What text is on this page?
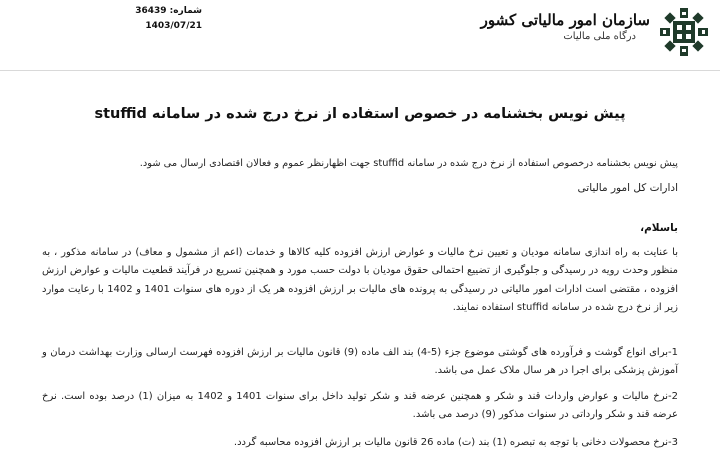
شماره: 36439
1403/07/21	سازمان امور مالیاتی کشور
درگاه ملی مالیات
پیش نویس بخشنامه در خصوص استفاده از نرخ درج شده در سامانه stuffid
پیش نویس بخشنامه درخصوص استفاده از نرخ درج شده در سامانه stuffid جهت اظهارنظر عموم و فعالان اقتصادی ارسال می شود.
ادارات کل امور مالیاتی
باسلام،
با عنایت به راه اندازی سامانه مودیان و تعیین نرخ مالیات و عوارض ارزش افزوده کلیه کالاها و خدمات (اعم از مشمول و معاف) در سامانه مذکور ، به منظور وحدت رویه در رسیدگی و جلوگیری از تضییع احتمالی حقوق مودیان با دولت حسب مورد و همچنین تسریع در فرآیند قطعیت مالیات و عوارض ارزش افزوده ، مقتضی است ادارات امور مالیاتی در رسیدگی به پرونده های مالیات بر ارزش افزوده هر یک از دوره های سنوات 1401 و 1402 با رعایت موارد زیر از نرخ درج شده در سامانه stuffid استفاده نمایند.
1-برای انواع گوشت و فرآورده های گوشتی موضوع جزء (5-4) بند الف ماده (9) قانون مالیات بر ارزش افزوده فهرست ارسالی وزارت بهداشت درمان و آموزش پزشکی برای اجرا در هر سال ملاک عمل می باشد.
2-نرخ مالیات و عوارض واردات قند و شکر و همچنین عرضه قند و شکر تولید داخل برای سنوات 1401 و 1402 به میزان (1) درصد بوده است. نرخ عرضه قند و شکر وارداتی در سنوات مذکور (9) درصد می باشد.
3-نرخ محصولات دخانی با توجه به تبصره (1) بند (ت) ماده 26 قانون مالیات بر ارزش افزوده محاسبه گردد.
